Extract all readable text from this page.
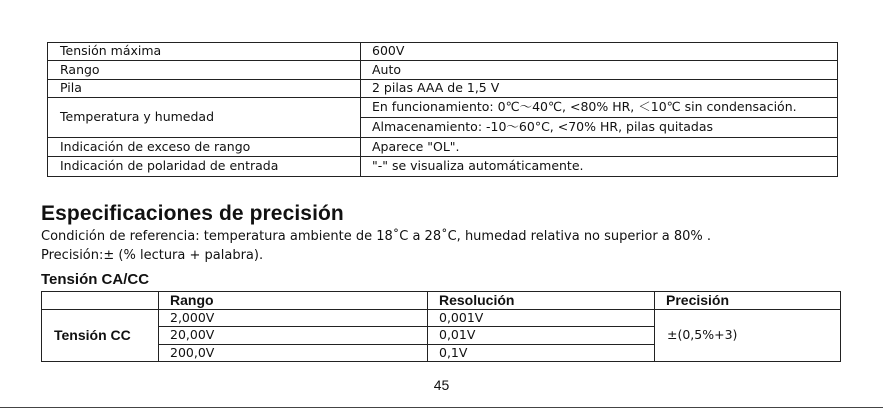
Tensión máxima	600V
Rango	Auto
Pila	2 pilas AAA de 1,5 V
Temperatura y humedad	En funcionamiento: 0℃～40℃, <80% HR, ＜10℃ sin condensación.
	Almacenamiento: -10～60°C, <70% HR, pilas quitadas
Indicación de exceso de rango	Aparece "OL".
Indicación de polaridad de entrada	"-" se visualiza automáticamente.
Especificaciones de precisión
Condición de referencia: temperatura ambiente de 18˚C a 28˚C, humedad relativa no superior a 80% .
Precisión:± (% lectura + palabra).
Tensión CA/CC
	Rango	Resolución	Precisión
Tensión CC	2,000V	0,001V	±(0,5%+3)
	20,00V	0,01V	
	200,0V	0,1V	
45
